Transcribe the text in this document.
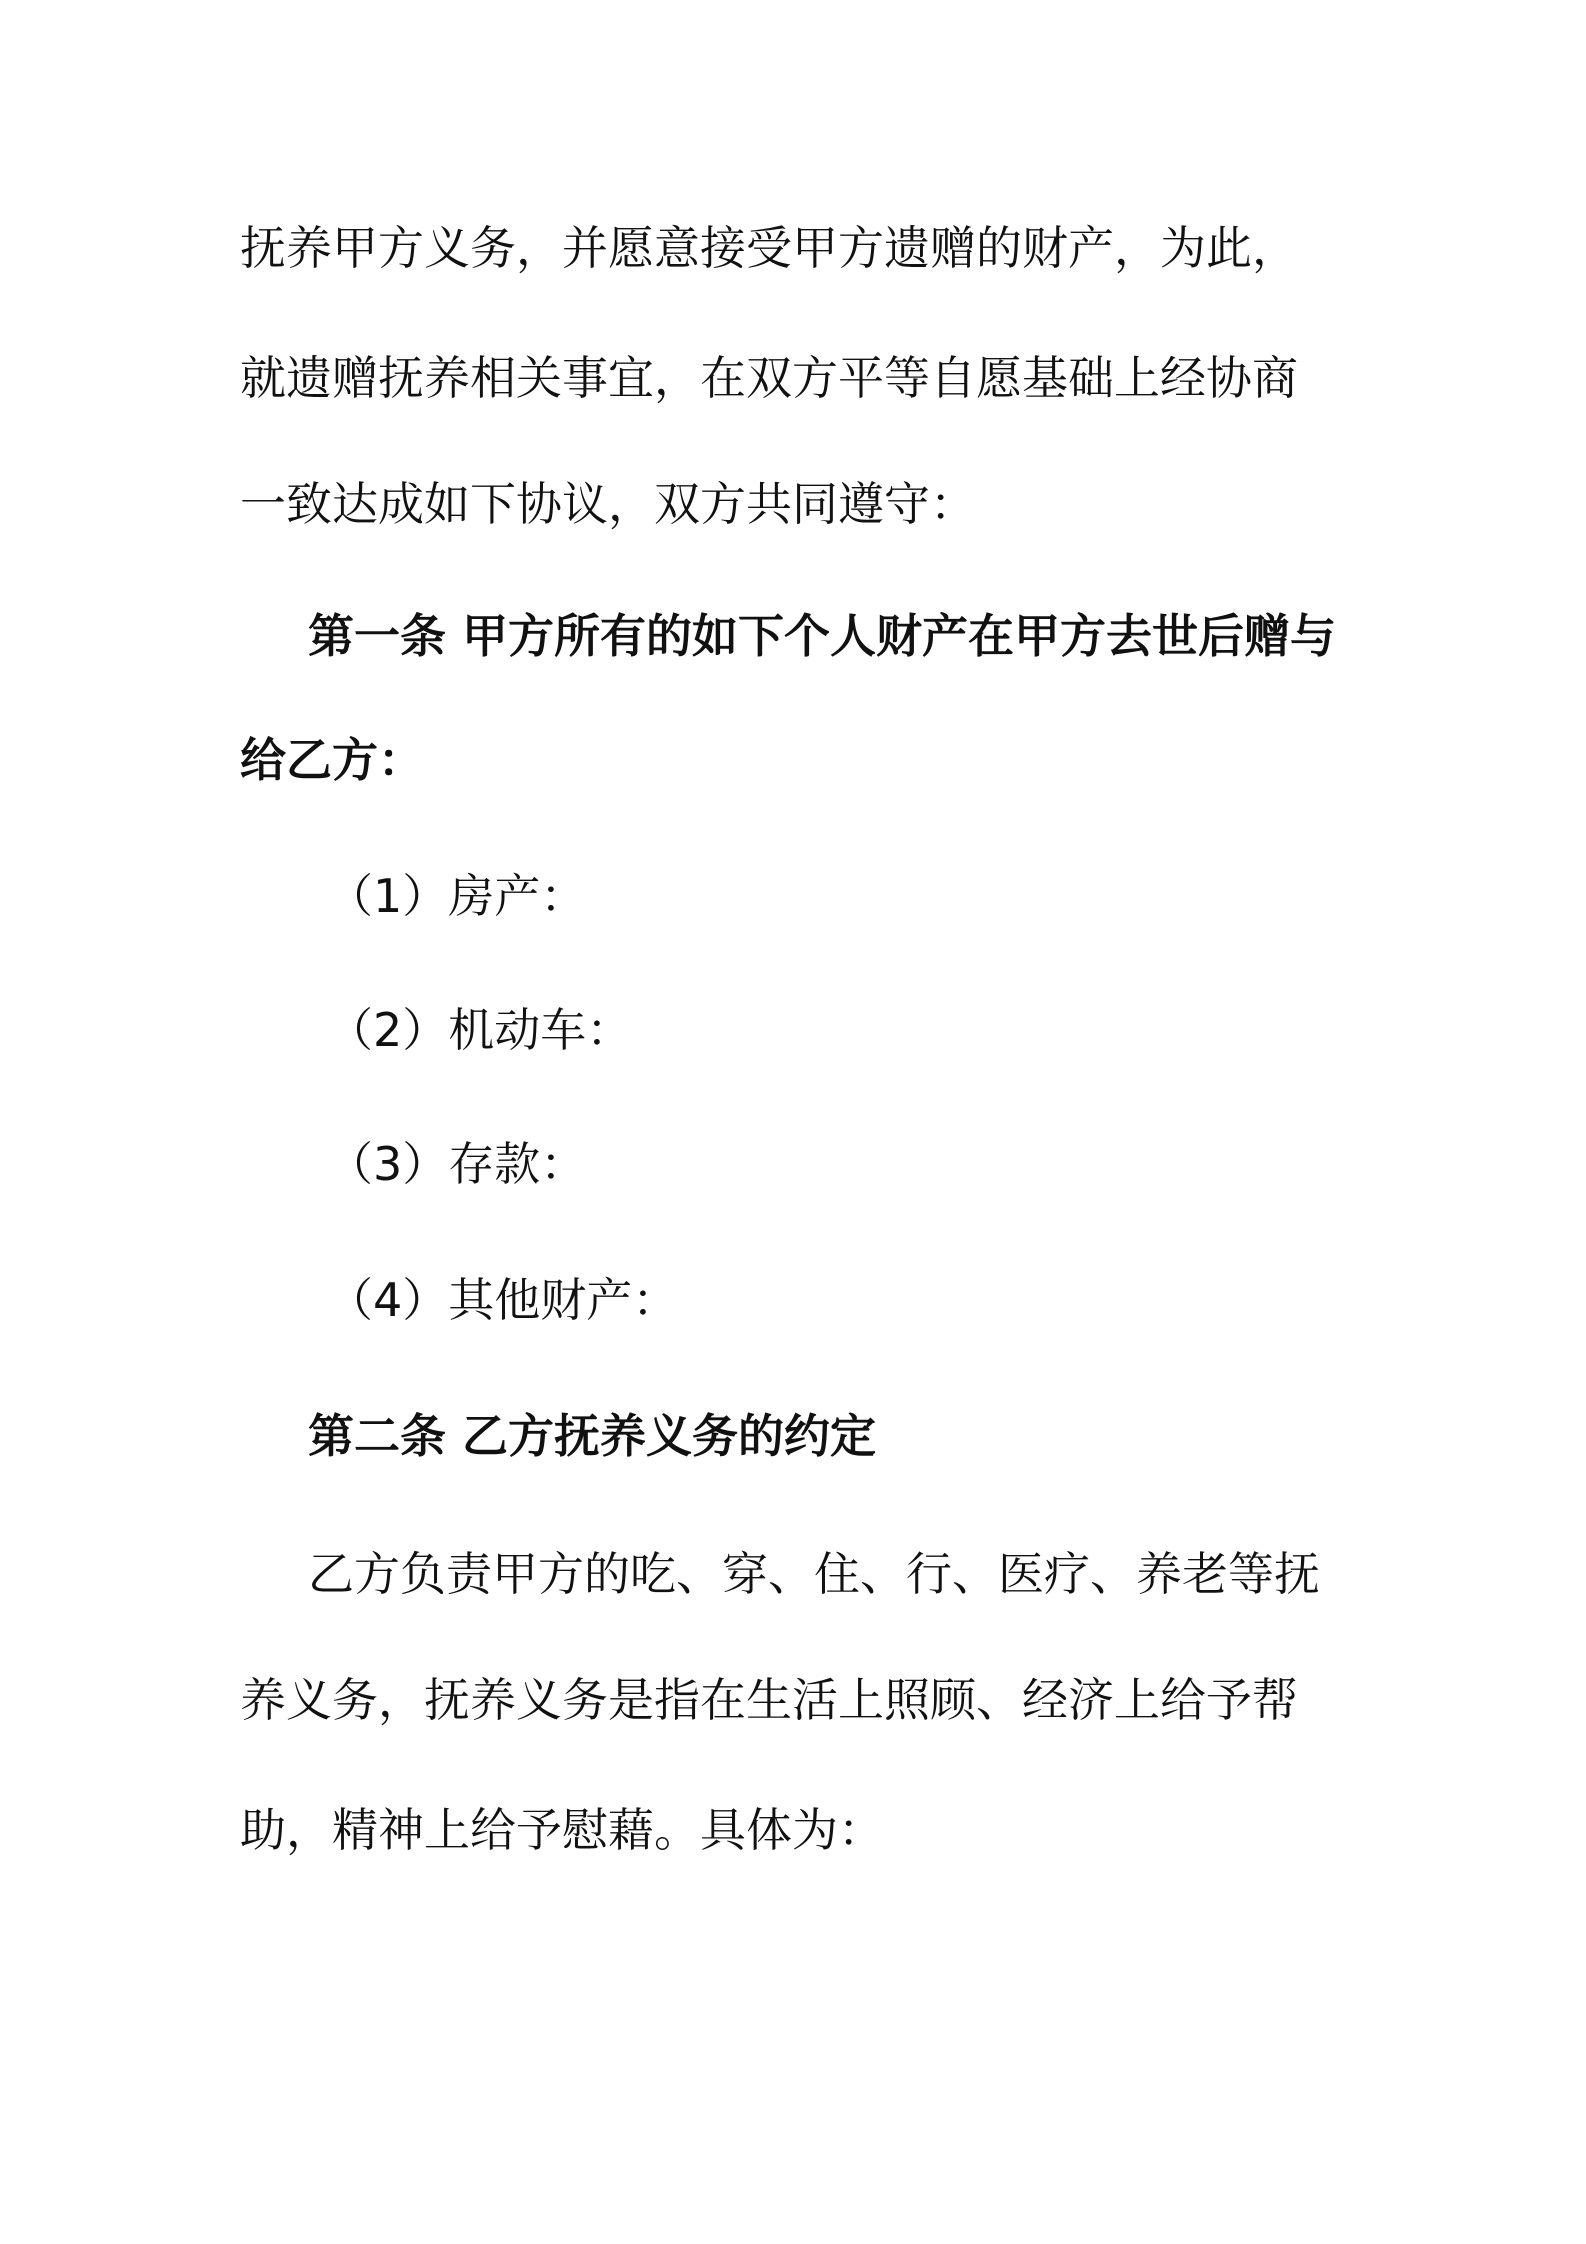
抚养甲方义务，并愿意接受甲方遗赠的财产，为此，

就遗赠抚养相关事宜，在双方平等自愿基础上经协商

一致达成如下协议，双方共同遵守：

第一条 甲方所有的如下个人财产在甲方去世后赠与

给乙方：

（1）房产：

（2）机动车：

（3）存款：

（4）其他财产：

第二条 乙方抚养义务的约定

乙方负责甲方的吃、穿、住、行、医疗、养老等抚

养义务，抚养义务是指在生活上照顾、经济上给予帮

助，精神上给予慰藉。具体为：
